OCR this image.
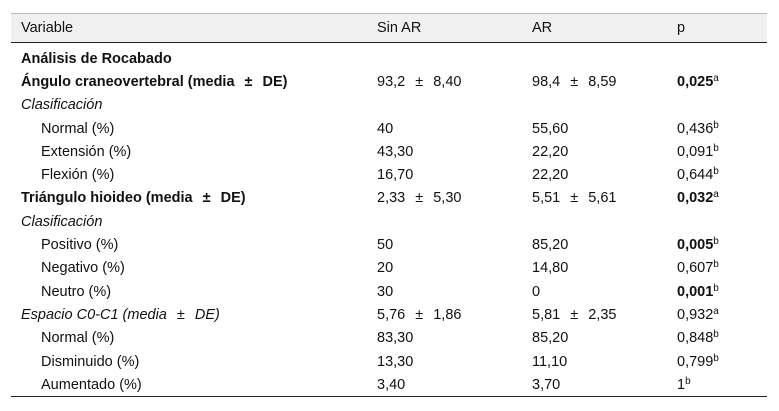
Variable	Sin AR	AR	p
Análisis de Rocabado			
Ángulo craneovertebral (media ± DE)	93,2 ± 8,40	98,4 ± 8,59	0,025$^a$
Clasificación			
Normal (%)	40	55,60	0,436$^b$
Extensión (%)	43,30	22,20	0,091$^b$
Flexión (%)	16,70	22,20	0,644$^b$
Triángulo hioideo (media ± DE)	2,33 ± 5,30	5,51 ± 5,61	0,032$^a$
Clasificación			
Positivo (%)	50	85,20	0,005$^b$
Negativo (%)	20	14,80	0,607$^b$
Neutro (%)	30	0	0,001$^b$
Espacio C0-C1 (media ± DE)	5,76 ± 1,86	5,81 ± 2,35	0,932$^a$
Normal (%)	83,30	85,20	0,848$^b$
Disminuido (%)	13,30	11,10	0,799$^b$
Aumentado (%)	3,40	3,70	1$^b$
